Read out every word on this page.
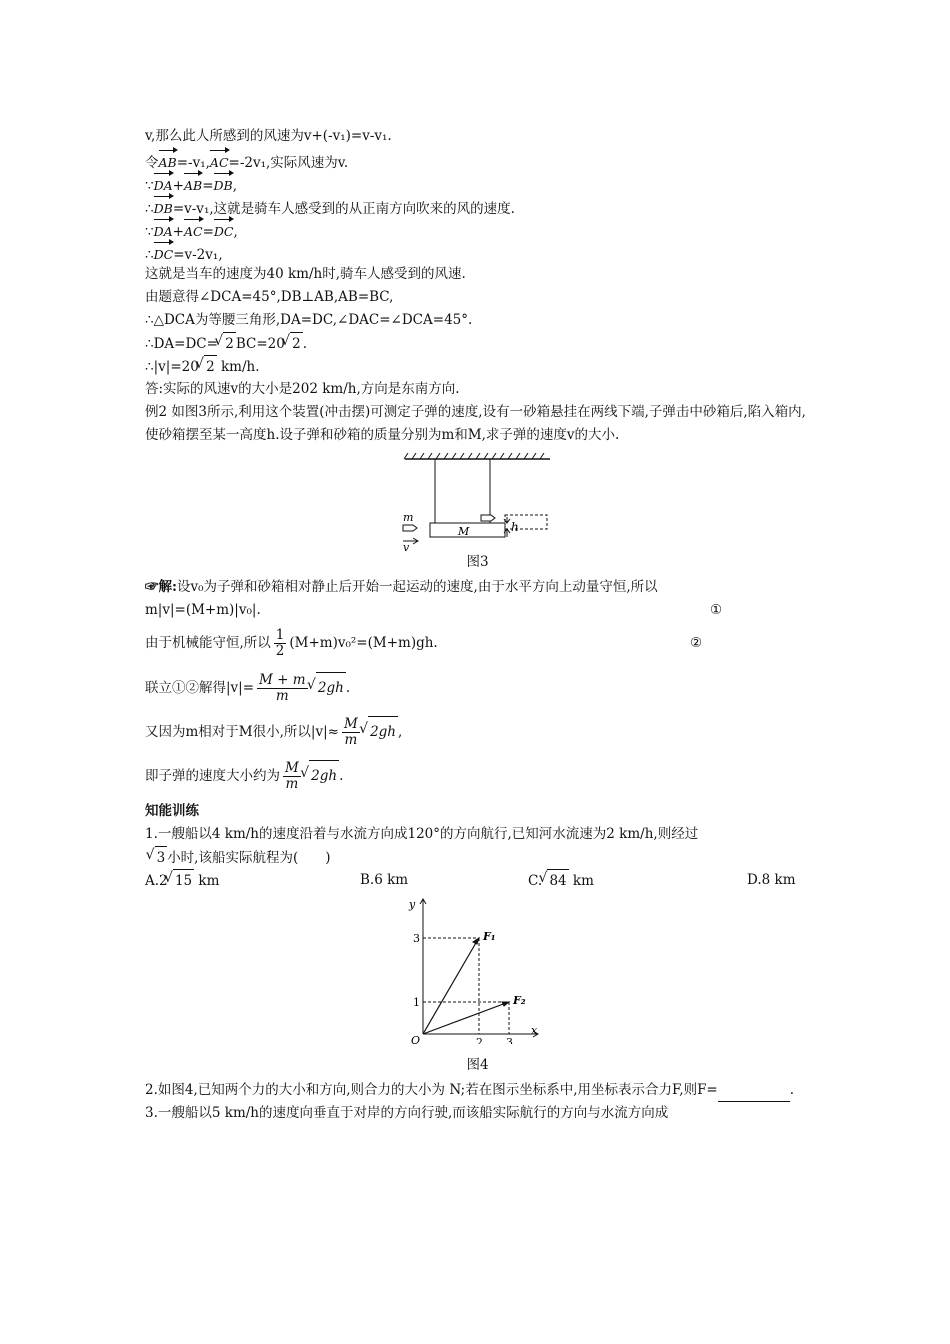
v,那么此人所感到的风速为v+(-v₁)=v-v₁.
令AB=-v₁,AC=-2v₁,实际风速为v.
∵DA+AB=DB,
∴DB=v-v₁,这就是骑车人感受到的从正南方向吹来的风的速度.
∵DA+AC=DC,
∴DC=v-2v₁,
这就是当车的速度为40 km/h时,骑车人感受到的风速.
由题意得∠DCA=45°,DB⊥AB,AB=BC,
∴△DCA为等腰三角形,DA=DC,∠DAC=∠DCA=45°.
∴DA=DC= √ 2 BC=20 √ 2 .
∴|v|=20 √ 2 km/h.
答:实际的风速v的大小是202 km/h,方向是东南方向.
例2 如图3所示,利用这个装置(冲击摆)可测定子弹的速度,设有一砂箱悬挂在两线下端,子弹击中砂箱后,陷入箱内,使砂箱摆至某一高度h.设子弹和砂箱的质量分别为m和M,求子弹的速度v的大小.
m
v
M	h
图3
☞解:设v₀为子弹和砂箱相对静止后开始一起运动的速度,由于水平方向上动量守恒,所以
m|v|=(M+m)|v₀|.	①
由于机械能守恒,所以 $\frac{1}{2} (M+m)v_0^2=(M+m)gh$.	②
联立①②解得$|v|= \frac{M + m}{m}$ √ 2gh .
又因为m相对于M很小,所以$|v|\approx \frac{M}{m}$ √ 2gh ,
即子弹的速度大小约为 $\frac{M}{m}$ √ 2gh .
知能训练
1.一艘船以4 km/h的速度沿着与水流方向成120°的方向航行,已知河水流速为2 km/h,则经过
√ 3 小时,该船实际航程为(　　)
A.2 √ 15 km	B.6 km	C. √ 84 km	D.8 km
y
x
O
3
1
2 3
F₁
F₂
图4
2.如图4,已知两个力的大小和方向,则合力的大小为 N;若在图示坐标系中,用坐标表示合力F,则F=	.
3.一艘船以5 km/h的速度向垂直于对岸的方向行驶,而该船实际航行的方向与水流方向成
